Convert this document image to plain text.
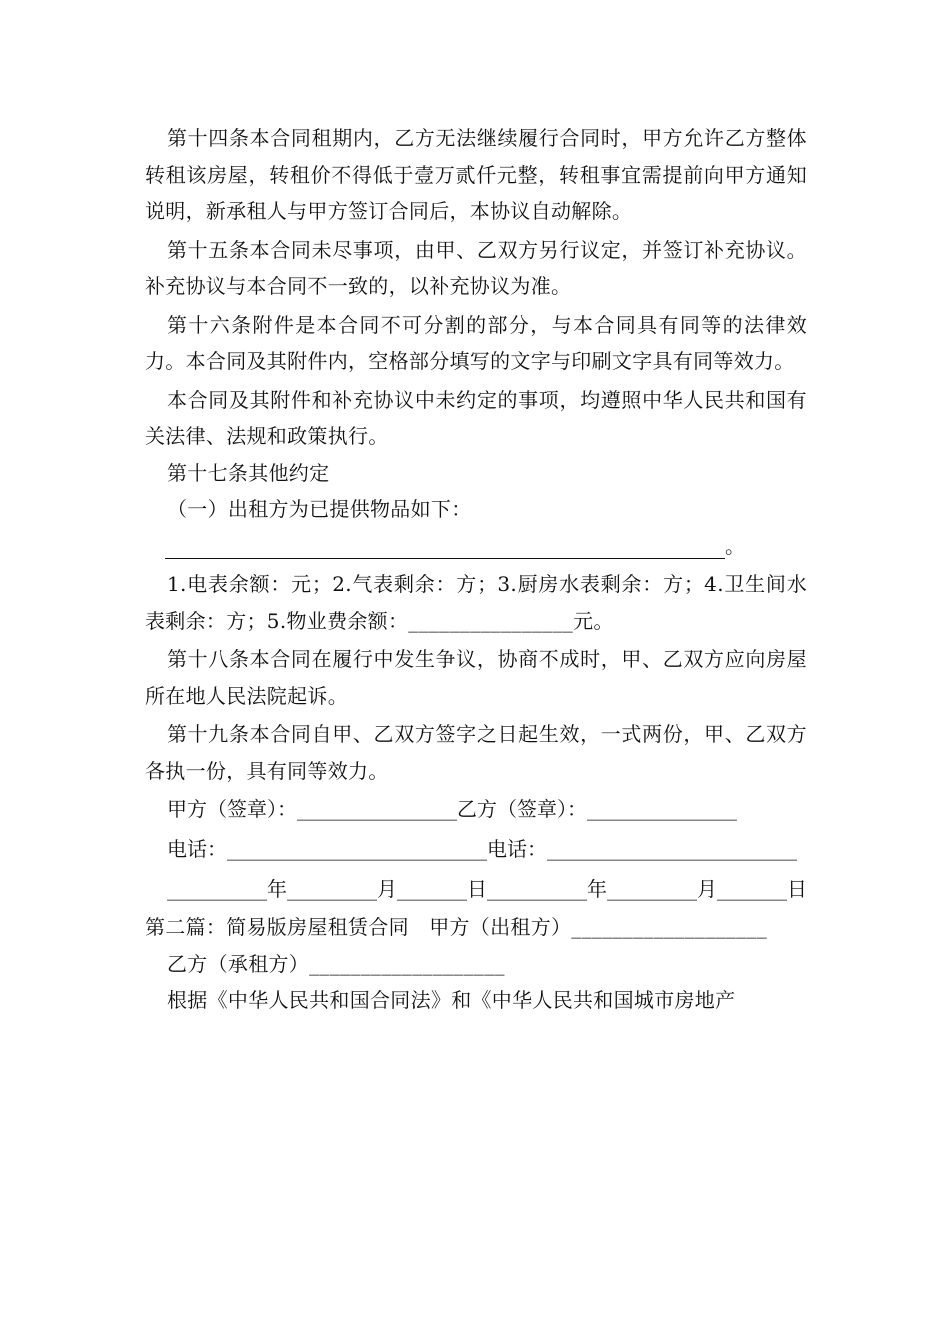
第十四条本合同租期内，乙方无法继续履行合同时，甲方允许乙方整体转租该房屋，转租价不得低于壹万贰仟元整，转租事宜需提前向甲方通知说明，新承租人与甲方签订合同后，本协议自动解除。

第十五条本合同未尽事项，由甲、乙双方另行议定，并签订补充协议。补充协议与本合同不一致的，以补充协议为准。

第十六条附件是本合同不可分割的部分，与本合同具有同等的法律效力。本合同及其附件内，空格部分填写的文字与印刷文字具有同等效力。

本合同及其附件和补充协议中未约定的事项，均遵照中华人民共和国有关法律、法规和政策执行。

第十七条其他约定

（一）出租方为已提供物品如下：

。

1.电表余额：元；2.气表剩余：方；3.厨房水表剩余：方；4.卫生间水表剩余：方；5.物业费余额：________________元。

第十八条本合同在履行中发生争议，协商不成时，甲、乙双方应向房屋所在地人民法院起诉。

第十九条本合同自甲、乙双方签字之日起生效，一式两份，甲、乙双方各执一份，具有同等效力。

甲方（签章）：________________乙方（签章）：_______________

电话：__________________________电话：_________________________

__________年_________月_______日__________年_________月_______日

第二篇：简易版房屋租赁合同　甲方（出租方）___________________

乙方（承租方）___________________

根据《中华人民共和国合同法》和《中华人民共和国城市房地产
